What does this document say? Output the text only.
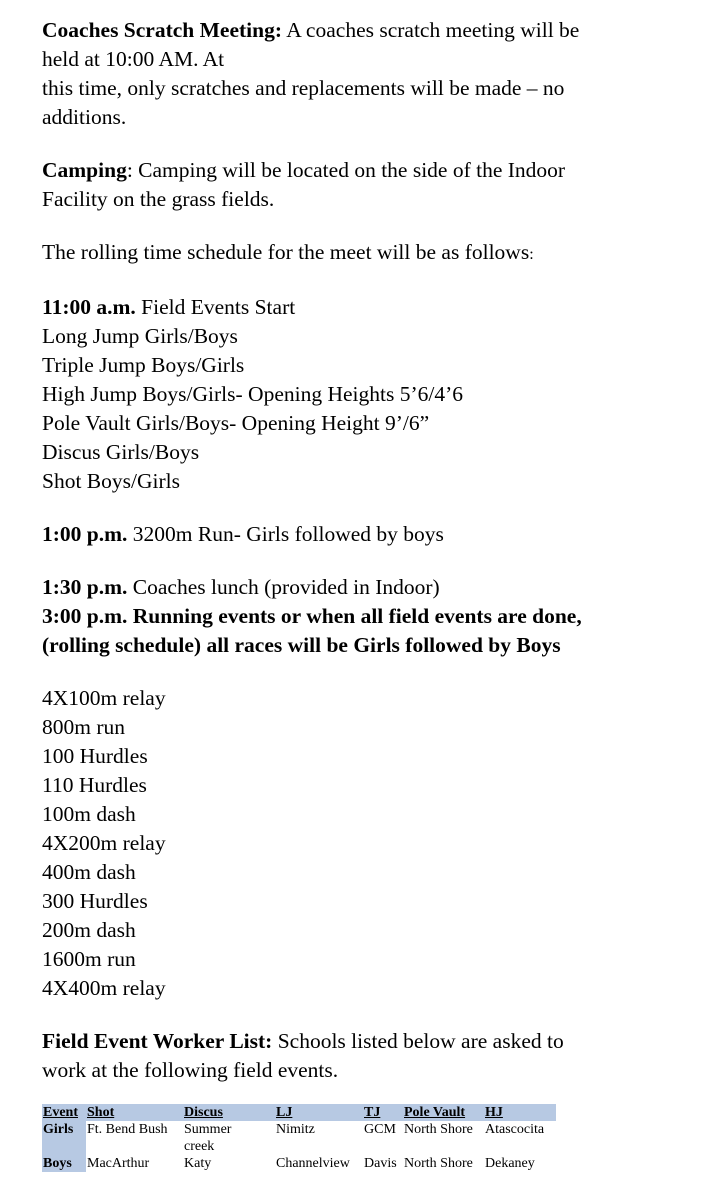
Coaches Scratch Meeting: A coaches scratch meeting will be

held at 10:00 AM. At

this time, only scratches and replacements will be made – no

additions.

Camping: Camping will be located on the side of the Indoor

Facility on the grass fields.

The rolling time schedule for the meet will be as follows:

11:00 a.m. Field Events Start

Long Jump Girls/Boys

Triple Jump Boys/Girls

High Jump Boys/Girls- Opening Heights 5’6/4’6

Pole Vault Girls/Boys- Opening Height 9’/6”

Discus Girls/Boys

Shot Boys/Girls

1:00 p.m. 3200m Run- Girls followed by boys

1:30 p.m. Coaches lunch (provided in Indoor)

3:00 p.m. Running events or when all field events are done,

(rolling schedule) all races will be Girls followed by Boys

4X100m relay

800m run

100 Hurdles

110 Hurdles

100m dash

4X200m relay

400m dash

300 Hurdles

200m dash

1600m run

4X400m relay

Field Event Worker List: Schools listed below are asked to

work at the following field events.

Event	Shot	Discus	LJ	TJ	Pole Vault	HJ
Girls	Ft. Bend Bush	Summer
creek	Nimitz	GCM	North Shore	Atascocita
Boys	MacArthur	Katy	Channelview	Davis	North Shore	Dekaney
